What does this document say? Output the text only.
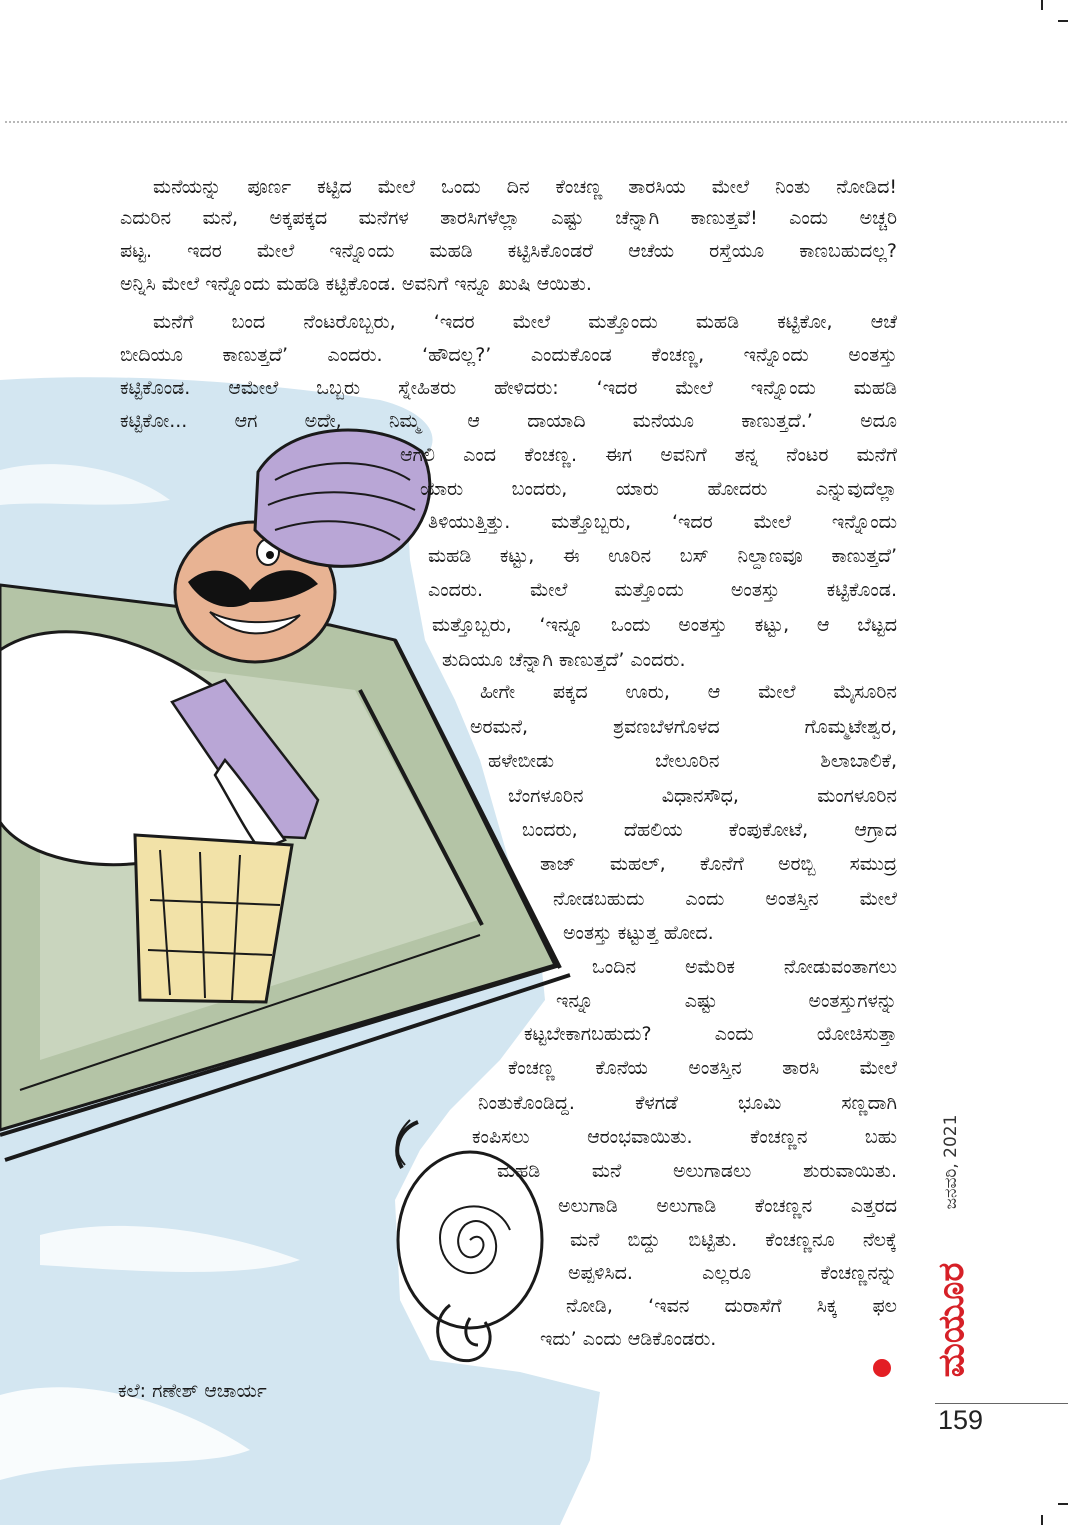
ಮನೆಯನ್ನು ಪೂರ್ಣ ಕಟ್ಟಿದ ಮೇಲೆ ಒಂದು ದಿನ ಕೆಂಚಣ್ಣ ತಾರಸಿಯ ಮೇಲೆ ನಿಂತು ನೋಡಿದ!
ಎದುರಿನ ಮನೆ, ಅಕ್ಕಪಕ್ಕದ ಮನೆಗಳ ತಾರಸಿಗಳೆಲ್ಲಾ ಎಷ್ಟು ಚೆನ್ನಾಗಿ ಕಾಣುತ್ತವೆ! ಎಂದು ಅಚ್ಚರಿ
ಪಟ್ಟ. ಇದರ ಮೇಲೆ ಇನ್ನೊಂದು ಮಹಡಿ ಕಟ್ಟಿಸಿಕೊಂಡರೆ ಆಚೆಯ ರಸ್ತೆಯೂ ಕಾಣಬಹುದಲ್ಲ?
ಅನ್ನಿಸಿ ಮೇಲೆ ಇನ್ನೊಂದು ಮಹಡಿ ಕಟ್ಟಿಕೊಂಡ. ಅವನಿಗೆ ಇನ್ನೂ ಖುಷಿ ಆಯಿತು.
ಮನೆಗೆ ಬಂದ ನೆಂಟರೊಬ್ಬರು, ‘ಇದರ ಮೇಲೆ ಮತ್ತೊಂದು ಮಹಡಿ ಕಟ್ಟಿಕೋ, ಆಚೆ
ಬೀದಿಯೂ ಕಾಣುತ್ತದೆ’ ಎಂದರು. ‘ಹೌದಲ್ಲ?’ ಎಂದುಕೊಂಡ ಕೆಂಚಣ್ಣ, ಇನ್ನೊಂದು ಅಂತಸ್ತು
ಕಟ್ಟಿಕೊಂಡ. ಆಮೇಲೆ ಒಬ್ಬರು ಸ್ನೇಹಿತರು ಹೇಳಿದರು: ‘ಇದರ ಮೇಲೆ ಇನ್ನೊಂದು ಮಹಡಿ
ಕಟ್ಟಿಕೋ... ಆಗ ಅದೇ, ನಿಮ್ಮ ಆ ದಾಯಾದಿ ಮನೆಯೂ ಕಾಣುತ್ತದೆ.’ ಅದೂ
ಆಗಲಿ ಎಂದ ಕೆಂಚಣ್ಣ. ಈಗ ಅವನಿಗೆ ತನ್ನ ನೆಂಟರ ಮನೆಗೆ
ಯಾರು ಬಂದರು, ಯಾರು ಹೋದರು ಎನ್ನುವುದೆಲ್ಲಾ
ತಿಳಿಯುತ್ತಿತ್ತು. ಮತ್ತೊಬ್ಬರು, ‘ಇದರ ಮೇಲೆ ಇನ್ನೊಂದು
ಮಹಡಿ ಕಟ್ಟು, ಈ ಊರಿನ ಬಸ್ ನಿಲ್ದಾಣವೂ ಕಾಣುತ್ತದೆ’
ಎಂದರು. ಮೇಲೆ ಮತ್ತೊಂದು ಅಂತಸ್ತು ಕಟ್ಟಿಕೊಂಡ.
ಮತ್ತೊಬ್ಬರು, ‘ಇನ್ನೂ ಒಂದು ಅಂತಸ್ತು ಕಟ್ಟು, ಆ ಬೆಟ್ಟದ
ತುದಿಯೂ ಚೆನ್ನಾಗಿ ಕಾಣುತ್ತದೆ’ ಎಂದರು.
ಹೀಗೇ ಪಕ್ಕದ ಊರು, ಆ ಮೇಲೆ ಮೈಸೂರಿನ
ಅರಮನೆ, ಶ್ರವಣಬೆಳಗೊಳದ ಗೊಮ್ಮಟೇಶ್ವರ,
ಹಳೇಬೀಡು ಬೇಲೂರಿನ ಶಿಲಾಬಾಲಿಕೆ,
ಬೆಂಗಳೂರಿನ ವಿಧಾನಸೌಧ, ಮಂಗಳೂರಿನ
ಬಂದರು, ದೆಹಲಿಯ ಕೆಂಪುಕೋಟೆ, ಆಗ್ರಾದ
ತಾಜ್ ಮಹಲ್, ಕೊನೆಗೆ ಅರಬ್ಬಿ ಸಮುದ್ರ
ನೋಡಬಹುದು ಎಂದು ಅಂತಸ್ತಿನ ಮೇಲೆ
ಅಂತಸ್ತು ಕಟ್ಟುತ್ತ ಹೋದ.
ಒಂದಿನ ಅಮೆರಿಕ ನೋಡುವಂತಾಗಲು
ಇನ್ನೂ ಎಷ್ಟು ಅಂತಸ್ತುಗಳನ್ನು
ಕಟ್ಟಬೇಕಾಗಬಹುದು? ಎಂದು ಯೋಚಿಸುತ್ತಾ
ಕೆಂಚಣ್ಣ ಕೊನೆಯ ಅಂತಸ್ತಿನ ತಾರಸಿ ಮೇಲೆ
ನಿಂತುಕೊಂಡಿದ್ದ. ಕೆಳಗಡೆ ಭೂಮಿ ಸಣ್ಣದಾಗಿ
ಕಂಪಿಸಲು ಆರಂಭವಾಯಿತು. ಕೆಂಚಣ್ಣನ ಬಹು
ಮಹಡಿ ಮನೆ ಅಲುಗಾಡಲು ಶುರುವಾಯಿತು.
ಅಲುಗಾಡಿ ಅಲುಗಾಡಿ ಕೆಂಚಣ್ಣನ ಎತ್ತರದ
ಮನೆ ಬಿದ್ದು ಬಿಟ್ಟಿತು. ಕೆಂಚಣ್ಣನೂ ನೆಲಕ್ಕೆ
ಅಪ್ಪಳಿಸಿದ. ಎಲ್ಲರೂ ಕೆಂಚಣ್ಣನನ್ನು
ನೋಡಿ, ‘ಇವನ ದುರಾಸೆಗೆ ಸಿಕ್ಕ ಫಲ
ಇದು’ ಎಂದು ಆಡಿಕೊಂಡರು.
ಕಲೆ: ಗಣೇಶ್ ಆಚಾರ್ಯ
ಜನವರಿ, 2021
ಮಯೂರ
159
